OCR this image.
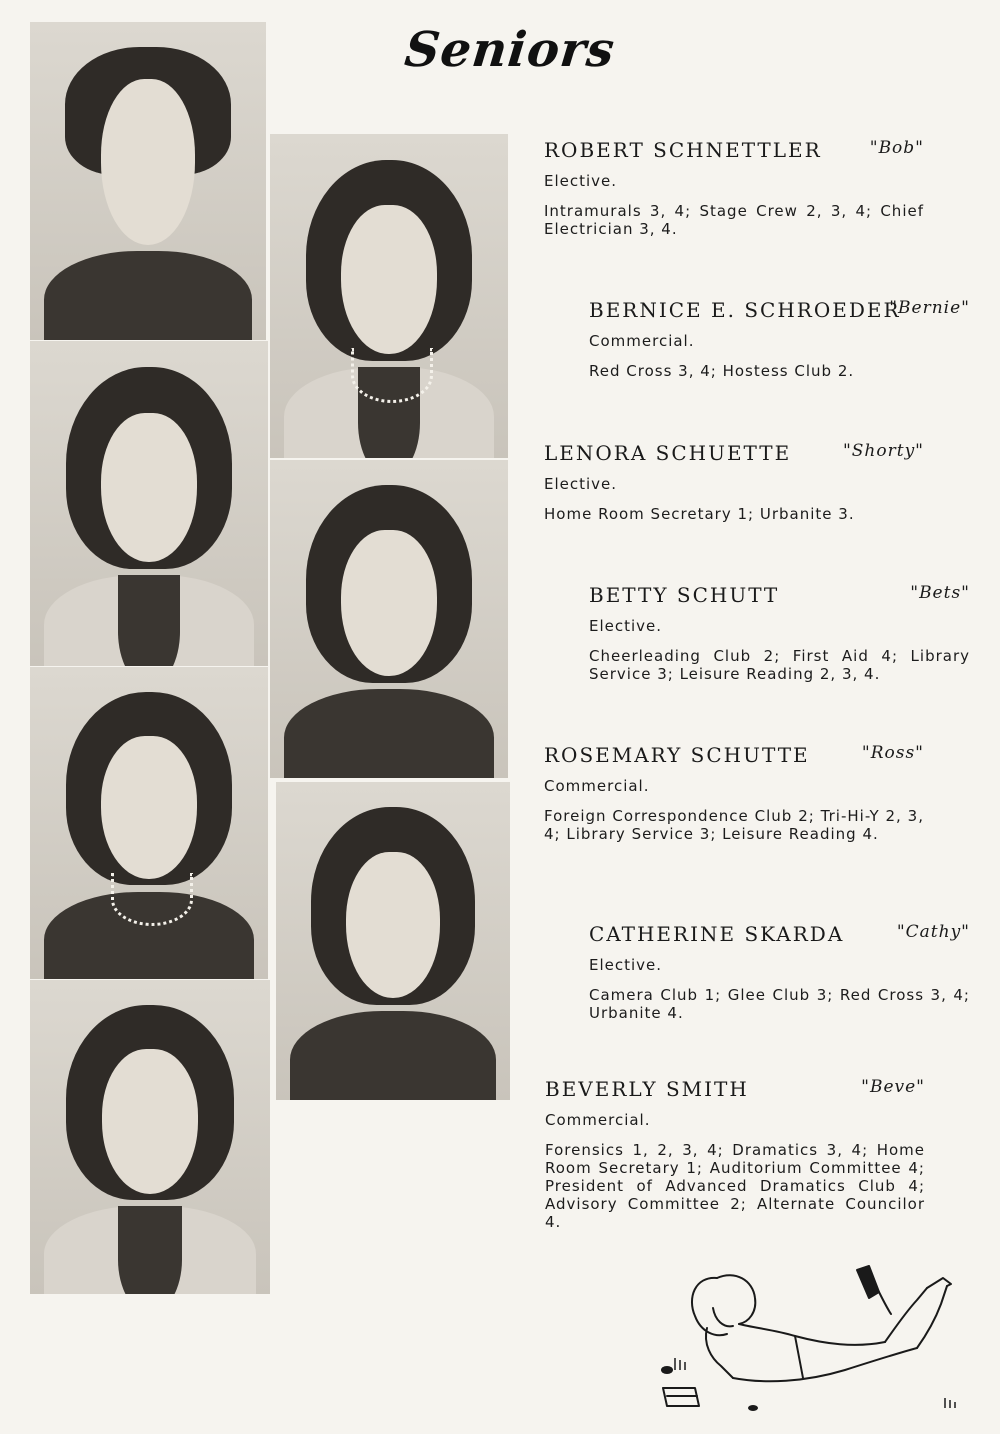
Seniors
ROBERT SCHNETTLER	"Bob"
Elective.
Intramurals 3, 4; Stage Crew 2, 3, 4; Chief Electrician 3, 4.
BERNICE E. SCHROEDER
"Bernie"
Commercial.
Red Cross 3, 4; Hostess Club 2.
LENORA SCHUETTE	"Shorty"
Elective.
Home Room Secretary 1; Urbanite 3.
BETTY SCHUTT	"Bets"
Elective.
Cheerleading Club 2; First Aid 4; Library Service 3; Leisure Reading 2, 3, 4.
ROSEMARY SCHUTTE	"Ross"
Commercial.
Foreign Correspondence Club 2; Tri-Hi-Y 2, 3, 4; Library Service 3; Leisure Reading 4.
CATHERINE SKARDA	"Cathy"
Elective.
Camera Club 1; Glee Club 3; Red Cross 3, 4; Urbanite 4.
BEVERLY SMITH	"Beve"
Commercial.
Forensics 1, 2, 3, 4; Dramatics 3, 4; Home Room Secretary 1; Auditorium Committee 4; President of Advanced Dramatics Club 4; Advisory Committee 2; Alternate Councilor 4.
